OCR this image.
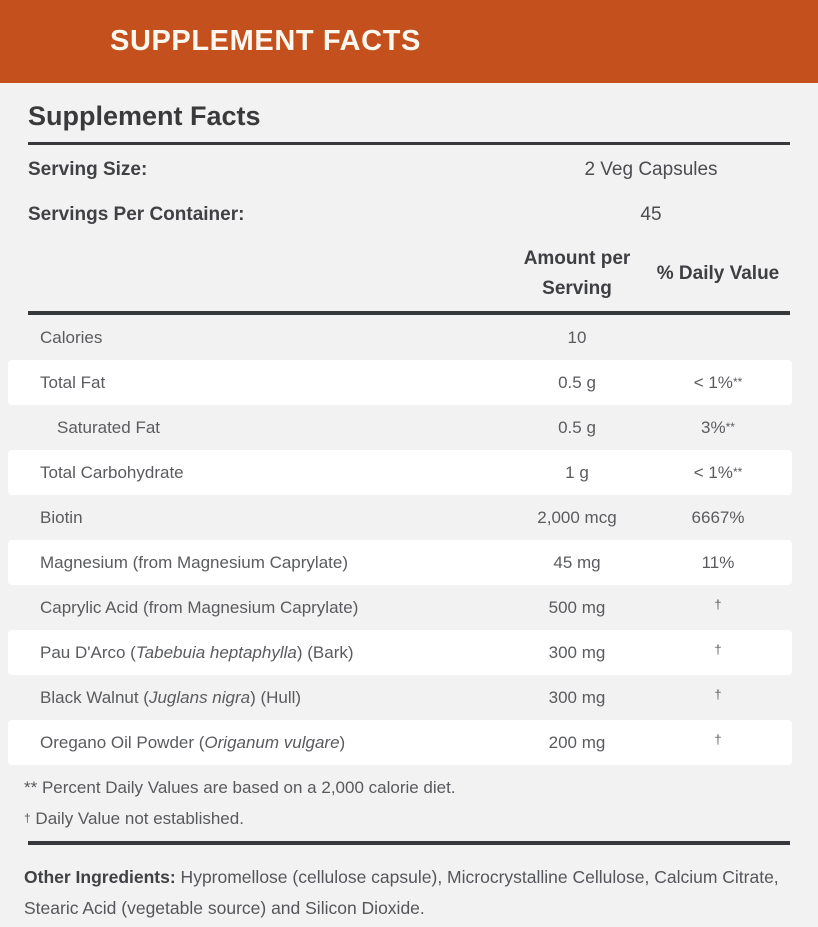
SUPPLEMENT FACTS
Supplement Facts
Serving Size:	2 Veg Capsules
Servings Per Container:	45
Amount per Serving
% Daily Value
Calories	10
Total Fat	0.5 g	< 1%**
Saturated Fat	0.5 g	3%**
Total Carbohydrate	1 g	< 1%**
Biotin	2,000 mcg	6667%
Magnesium (from Magnesium Caprylate)	45 mg	11%
Caprylic Acid (from Magnesium Caprylate)	500 mg	†
Pau D'Arco (Tabebuia heptaphylla) (Bark)	300 mg	†
Black Walnut (Juglans nigra) (Hull)	300 mg	†
Oregano Oil Powder (Origanum vulgare)	200 mg	†
** Percent Daily Values are based on a 2,000 calorie diet.
† Daily Value not established.

Other Ingredients: Hypromellose (cellulose capsule), Microcrystalline Cellulose, Calcium Citrate, Stearic Acid (vegetable source) and Silicon Dioxide.
